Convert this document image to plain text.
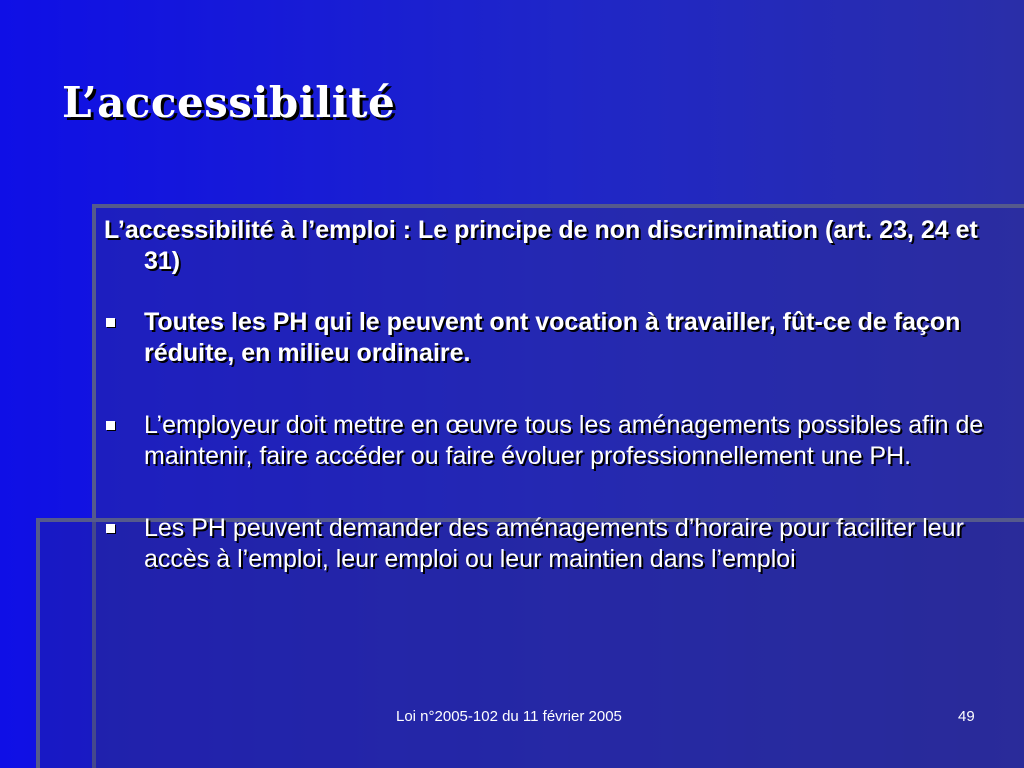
L’accessibilité

L’accessibilité à l’emploi : Le principe de non discrimination (art. 23, 24 et 31)

Toutes les PH qui le peuvent ont vocation à travailler, fût-ce de façon réduite, en milieu ordinaire.
L’employeur doit mettre en œuvre tous les aménagements possibles afin de maintenir, faire accéder ou faire évoluer professionnellement une PH.
Les PH peuvent demander des aménagements d’horaire pour faciliter leur accès à l’emploi, leur emploi ou leur maintien dans l’emploi
Loi n°2005-102 du 11 février 2005	49
